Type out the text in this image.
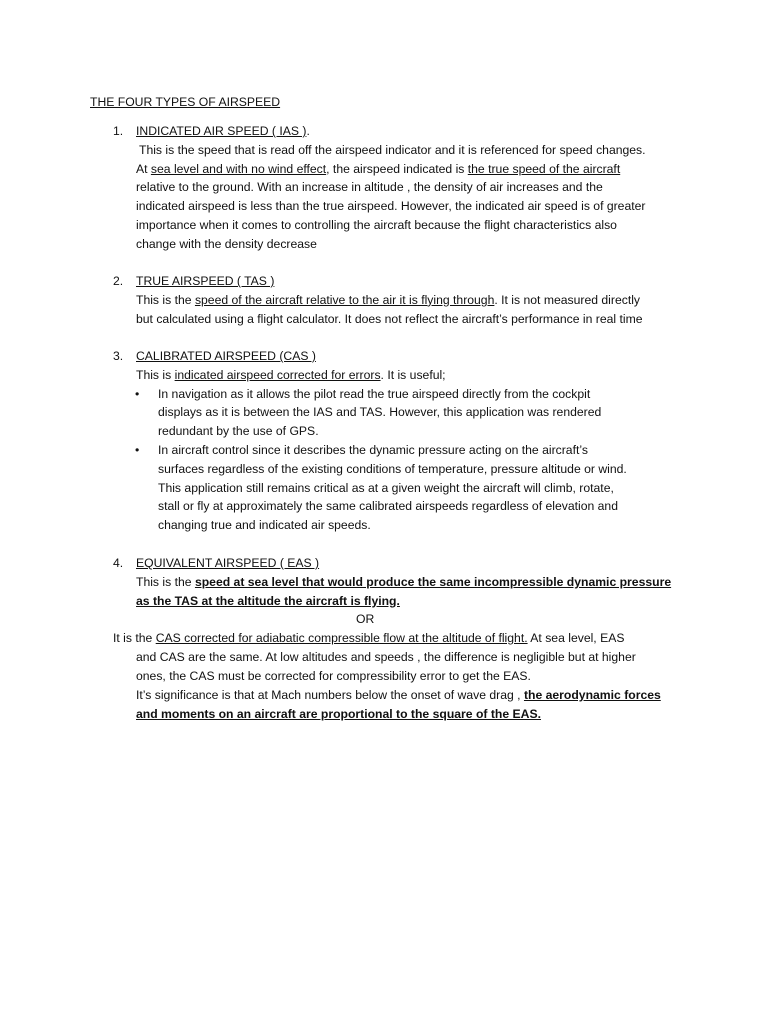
THE FOUR TYPES OF AIRSPEED
1. INDICATED AIR SPEED ( IAS ).

This is the speed that is read off the airspeed indicator and it is referenced for speed changes.

At sea level and with no wind effect, the airspeed indicated is the true speed of the aircraft

relative to the ground. With an increase in altitude , the density of air increases and the

indicated airspeed is less than the true airspeed. However, the indicated air speed is of greater

importance when it comes to controlling the aircraft because the flight characteristics also

change with the density decrease

2. TRUE AIRSPEED ( TAS )

This is the speed of the aircraft relative to the air it is flying through. It is not measured directly

but calculated using a flight calculator. It does not reflect the aircraft’s performance in real time

3. CALIBRATED AIRSPEED (CAS )

This is indicated airspeed corrected for errors. It is useful;

• In navigation as it allows the pilot read the true airspeed directly from the cockpit

displays as it is between the IAS and TAS. However, this application was rendered

redundant by the use of GPS.

• In aircraft control since it describes the dynamic pressure acting on the aircraft’s

surfaces regardless of the existing conditions of temperature, pressure altitude or wind.

This application still remains critical as at a given weight the aircraft will climb, rotate,

stall or fly at approximately the same calibrated airspeeds regardless of elevation and

changing true and indicated air speeds.

4. EQUIVALENT AIRSPEED ( EAS )

This is the speed at sea level that would produce the same incompressible dynamic pressure

as the TAS at the altitude the aircraft is flying.

OR

It is the CAS corrected for adiabatic compressible flow at the altitude of flight. At sea level, EAS

and CAS are the same. At low altitudes and speeds , the difference is negligible but at higher

ones, the CAS must be corrected for compressibility error to get the EAS.

It’s significance is that at Mach numbers below the onset of wave drag , the aerodynamic forces

and moments on an aircraft are proportional to the square of the EAS.
